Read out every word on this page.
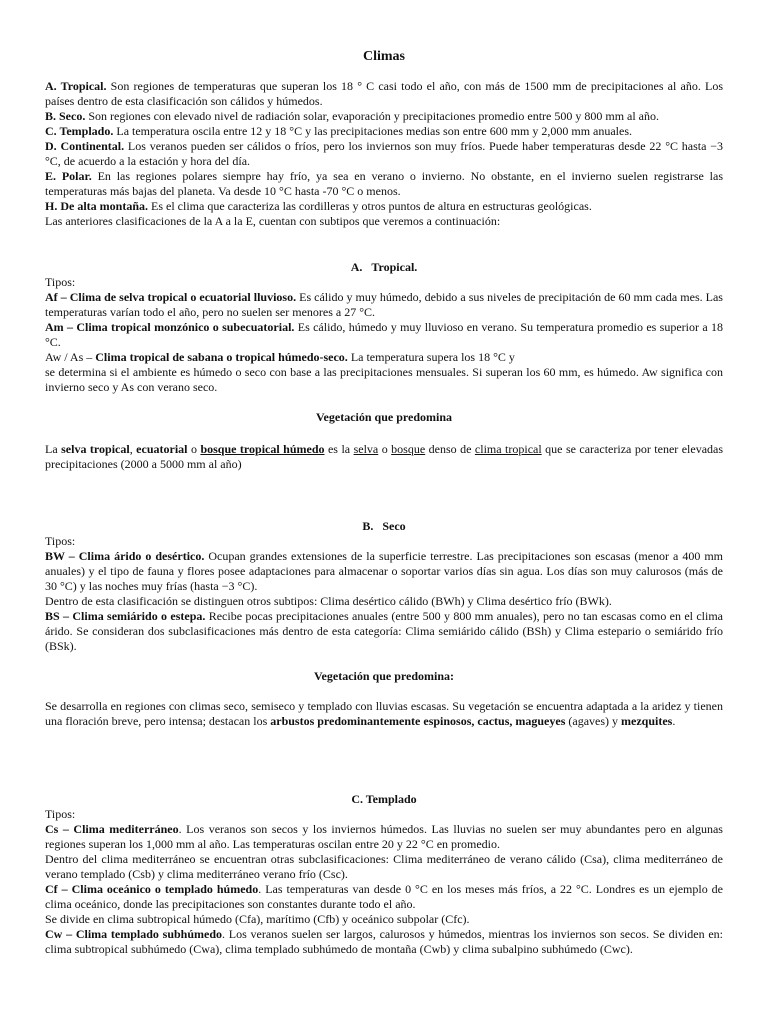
Climas

A. Tropical. Son regiones de temperaturas que superan los 18 ° C casi todo el año, con más de 1500 mm de precipitaciones al año. Los países dentro de esta clasificación son cálidos y húmedos.

B. Seco. Son regiones con elevado nivel de radiación solar, evaporación y precipitaciones promedio entre 500 y 800 mm al año.

C. Templado. La temperatura oscila entre 12 y 18 °C y las precipitaciones medias son entre 600 mm y 2,000 mm anuales.

D. Continental. Los veranos pueden ser cálidos o fríos, pero los inviernos son muy fríos. Puede haber temperaturas desde 22 °C hasta −3 °C, de acuerdo a la estación y hora del día.

E. Polar. En las regiones polares siempre hay frío, ya sea en verano o invierno. No obstante, en el invierno suelen registrarse las temperaturas más bajas del planeta. Va desde 10 °C hasta -70 °C o menos.

H. De alta montaña. Es el clima que caracteriza las cordilleras y otros puntos de altura en estructuras geológicas.

Las anteriores clasificaciones de la A a la E, cuentan con subtipos que veremos a continuación:

A.   Tropical.

Tipos:

Af – Clima de selva tropical o ecuatorial lluvioso. Es cálido y muy húmedo, debido a sus niveles de precipitación de 60 mm cada mes. Las temperaturas varían todo el año, pero no suelen ser menores a 27 °C.

Am – Clima tropical monzónico o subecuatorial. Es cálido, húmedo y muy lluvioso en verano. Su temperatura promedio es superior a 18 °C.

Aw / As – Clima tropical de sabana o tropical húmedo-seco. La temperatura supera los 18 °C y

se determina si el ambiente es húmedo o seco con base a las precipitaciones mensuales. Si superan los 60 mm, es húmedo. Aw significa con invierno seco y As con verano seco.

Vegetación que predomina

La selva tropical, ecuatorial o bosque tropical húmedo es la selva o bosque denso de clima tropical que se caracteriza por tener elevadas precipitaciones (2000 a 5000 mm al año)

B.   Seco

Tipos:

BW – Clima árido o desértico. Ocupan grandes extensiones de la superficie terrestre. Las precipitaciones son escasas (menor a 400 mm anuales) y el tipo de fauna y flores posee adaptaciones para almacenar o soportar varios días sin agua. Los días son muy calurosos (más de 30 °C) y las noches muy frías (hasta −3 °C).

Dentro de esta clasificación se distinguen otros subtipos: Clima desértico cálido (BWh) y Clima desértico frío (BWk).

BS – Clima semiárido o estepa. Recibe pocas precipitaciones anuales (entre 500 y 800 mm anuales), pero no tan escasas como en el clima árido. Se consideran dos subclasificaciones más dentro de esta categoría: Clima semiárido cálido (BSh) y Clima estepario o semiárido frío (BSk).

Vegetación que predomina:

Se desarrolla en regiones con climas seco, semiseco y templado con lluvias escasas. Su vegetación se encuentra adaptada a la aridez y tienen una floración breve, pero intensa; destacan los arbustos predominantemente espinosos, cactus, magueyes (agaves) y mezquites.

C. Templado

Tipos:

Cs – Clima mediterráneo. Los veranos son secos y los inviernos húmedos. Las lluvias no suelen ser muy abundantes pero en algunas regiones superan los 1,000 mm al año. Las temperaturas oscilan entre 20 y 22 °C en promedio.

Dentro del clima mediterráneo se encuentran otras subclasificaciones: Clima mediterráneo de verano cálido (Csa), clima mediterráneo de verano templado (Csb) y clima mediterráneo verano frío (Csc).

Cf – Clima oceánico o templado húmedo. Las temperaturas van desde 0 °C en los meses más fríos, a 22 °C. Londres es un ejemplo de clima oceánico, donde las precipitaciones son constantes durante todo el año.

Se divide en clima subtropical húmedo (Cfa), marítimo (Cfb) y oceánico subpolar (Cfc).

Cw – Clima templado subhúmedo. Los veranos suelen ser largos, calurosos y húmedos, mientras los inviernos son secos. Se dividen en: clima subtropical subhúmedo (Cwa), clima templado subhúmedo de montaña (Cwb) y clima subalpino subhúmedo (Cwc).
